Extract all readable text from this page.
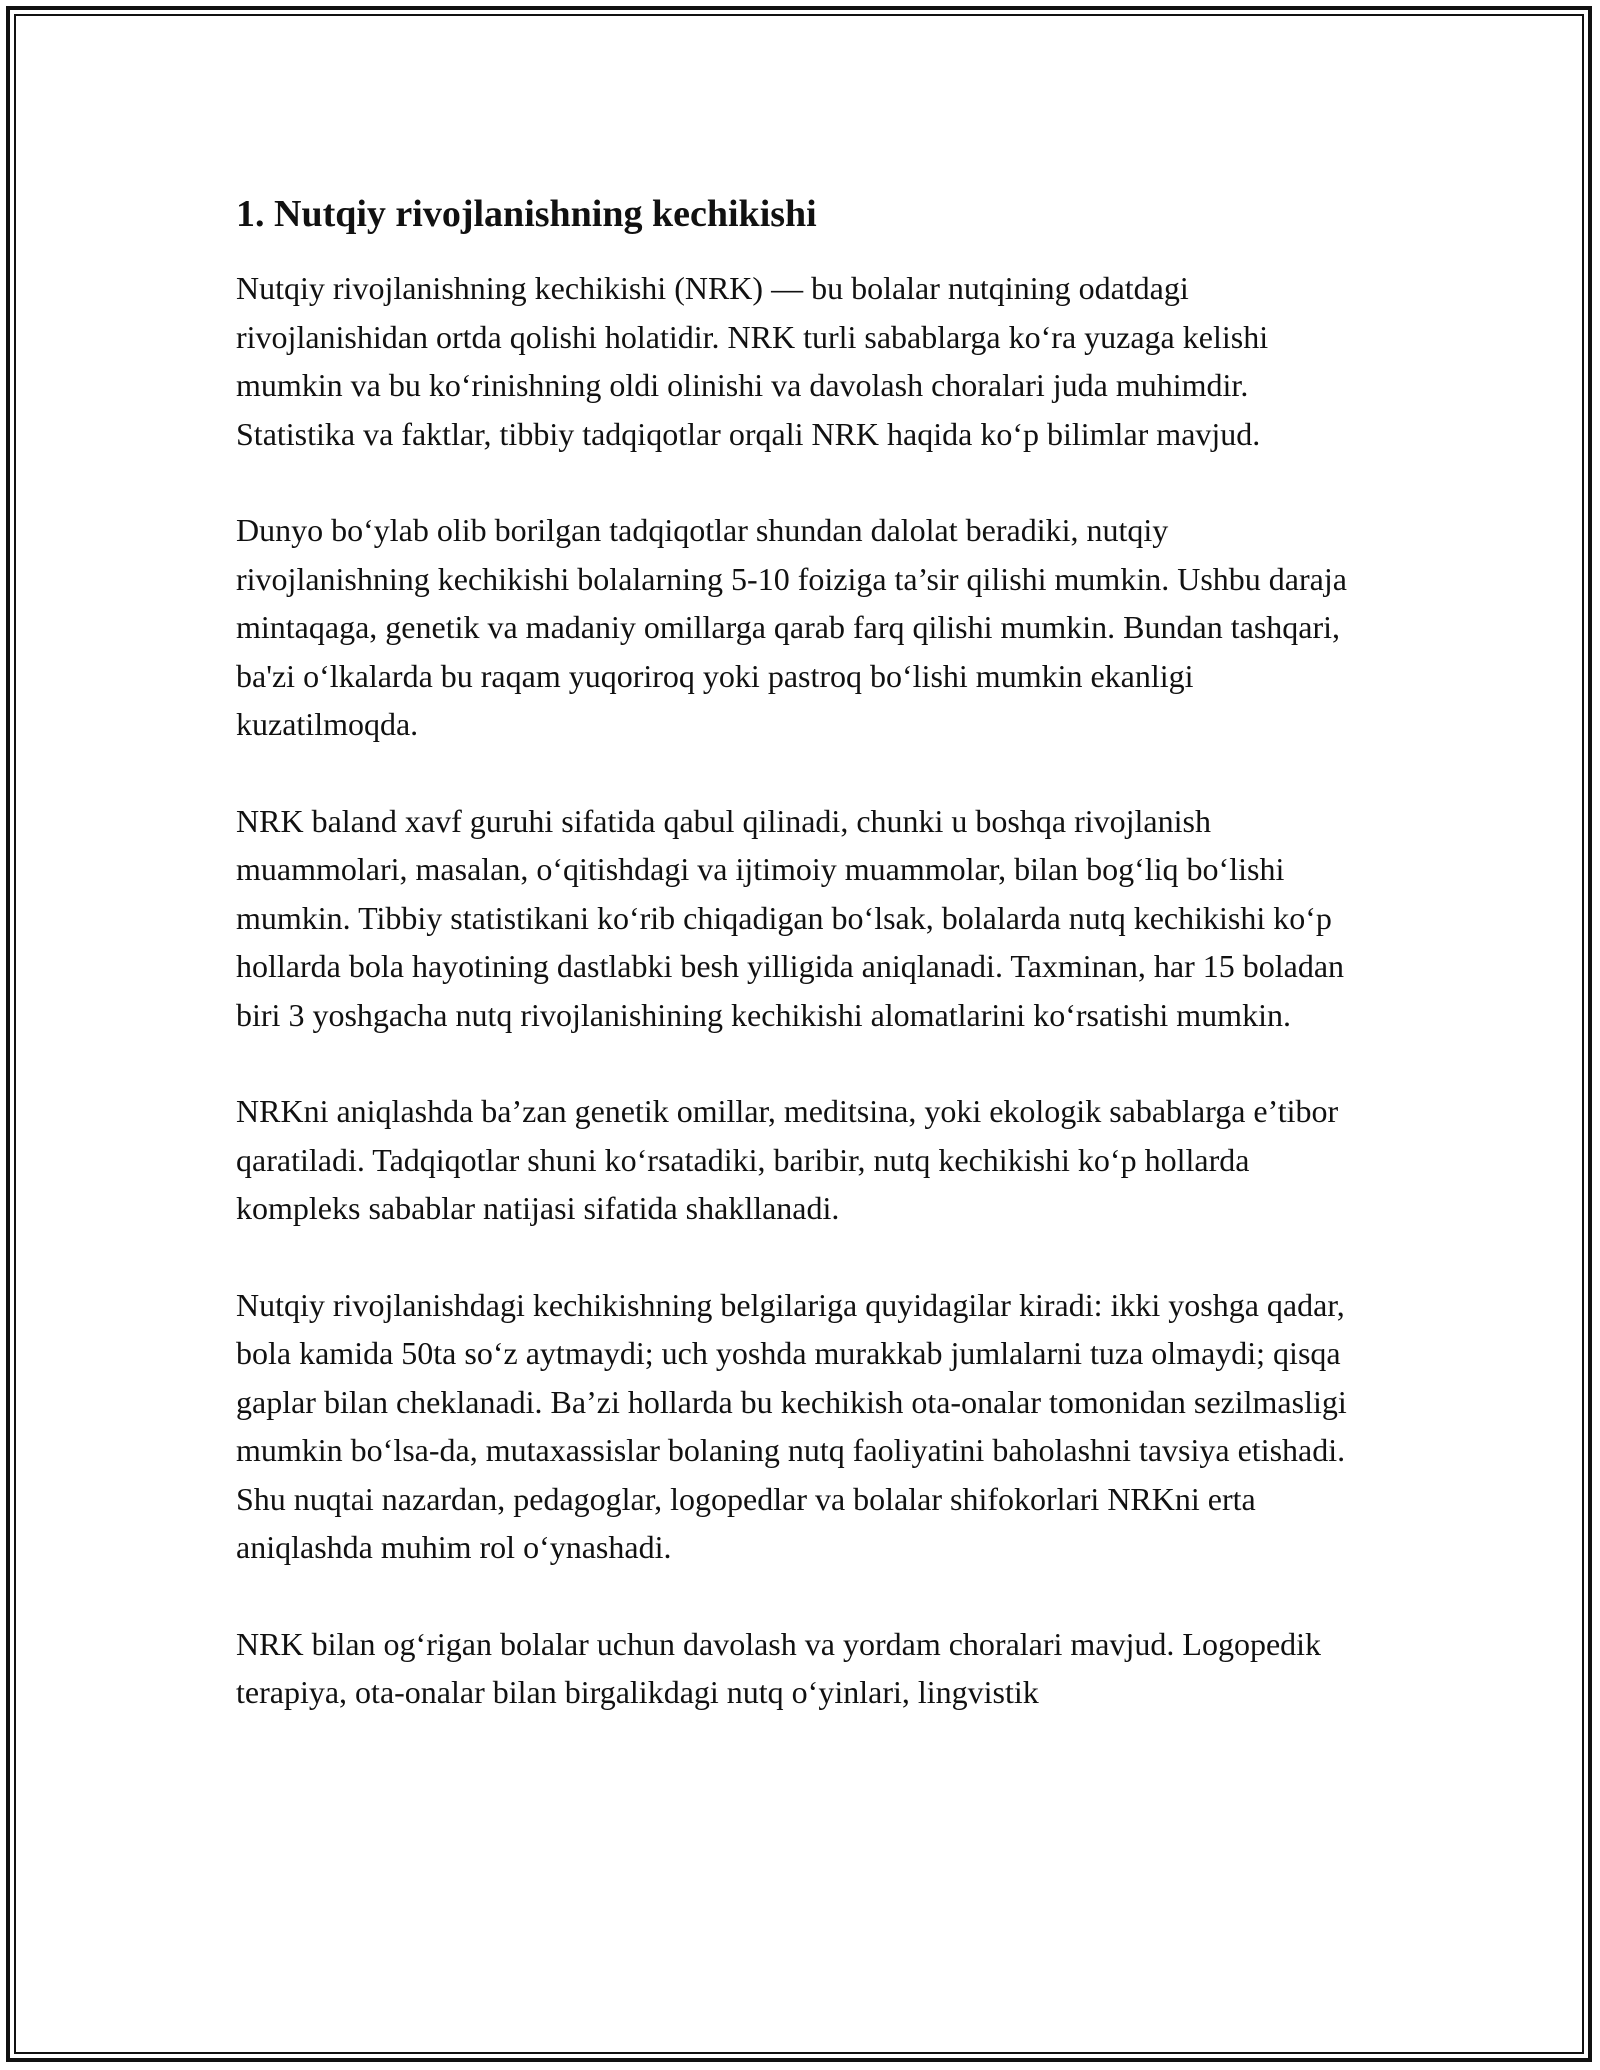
1. Nutqiy rivojlanishning kechikishi

Nutqiy rivojlanishning kechikishi (NRK) — bu bolalar nutqining odatdagi rivojlanishidan ortda qolishi holatidir. NRK turli sabablarga ko‘ra yuzaga kelishi mumkin va bu ko‘rinishning oldi olinishi va davolash choralari juda muhimdir. Statistika va faktlar, tibbiy tadqiqotlar orqali NRK haqida ko‘p bilimlar mavjud.

Dunyo bo‘ylab olib borilgan tadqiqotlar shundan dalolat beradiki, nutqiy rivojlanishning kechikishi bolalarning 5-10 foiziga ta’sir qilishi mumkin. Ushbu daraja mintaqaga, genetik va madaniy omillarga qarab farq qilishi mumkin. Bundan tashqari, ba'zi o‘lkalarda bu raqam yuqoriroq yoki pastroq bo‘lishi mumkin ekanligi kuzatilmoqda.

NRK baland xavf guruhi sifatida qabul qilinadi, chunki u boshqa rivojlanish muammolari, masalan, o‘qitishdagi va ijtimoiy muammolar, bilan bog‘liq bo‘lishi mumkin. Tibbiy statistikani ko‘rib chiqadigan bo‘lsak, bolalarda nutq kechikishi ko‘p hollarda bola hayotining dastlabki besh yilligida aniqlanadi. Taxminan, har 15 boladan biri 3 yoshgacha nutq rivojlanishining kechikishi alomatlarini ko‘rsatishi mumkin.

NRKni aniqlashda ba’zan genetik omillar, meditsina, yoki ekologik sabablarga e’tibor qaratiladi. Tadqiqotlar shuni ko‘rsatadiki, baribir, nutq kechikishi ko‘p hollarda kompleks sabablar natijasi sifatida shakllanadi.

Nutqiy rivojlanishdagi kechikishning belgilariga quyidagilar kiradi: ikki yoshga qadar, bola kamida 50ta so‘z aytmaydi; uch yoshda murakkab jumlalarni tuza olmaydi; qisqa gaplar bilan cheklanadi. Ba’zi hollarda bu kechikish ota-onalar tomonidan sezilmasligi mumkin bo‘lsa-da, mutaxassislar bolaning nutq faoliyatini baholashni tavsiya etishadi. Shu nuqtai nazardan, pedagoglar, logopedlar va bolalar shifokorlari NRKni erta aniqlashda muhim rol o‘ynashadi.

NRK bilan og‘rigan bolalar uchun davolash va yordam choralari mavjud. Logopedik terapiya, ota-onalar bilan birgalikdagi nutq o‘yinlari, lingvistik
